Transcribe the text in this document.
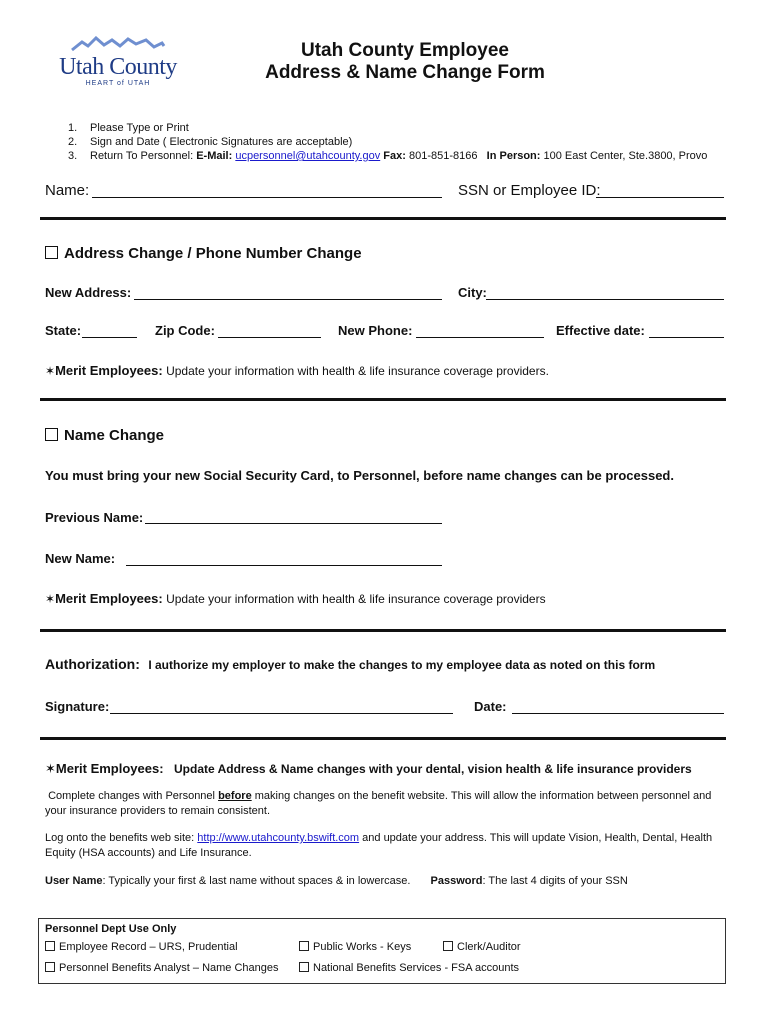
Utah County
HEART of UTAH
Utah County Employee
Address & Name Change Form
1. Please Type or Print
2. Sign and Date ( Electronic Signatures are acceptable)
3. Return To Personnel: E-Mail: ucpersonnel@utahcounty.gov Fax: 801-851-8166 In Person: 100 East Center, Ste.3800, Provo
Name:	SSN or Employee ID:
Address Change / Phone Number Change
New Address:	City:
State:	Zip Code:	New Phone:	Effective date:
✶Merit Employees: Update your information with health & life insurance coverage providers.
Name Change
You must bring your new Social Security Card, to Personnel, before name changes can be processed.
Previous Name:
New Name:
✶Merit Employees: Update your information with health & life insurance coverage providers
Authorization: I authorize my employer to make the changes to my employee data as noted on this form
Signature:	Date:
✶Merit Employees: Update Address & Name changes with your dental, vision health & life insurance providers
Complete changes with Personnel before making changes on the benefit website. This will allow the information between personnel and your insurance providers to remain consistent.
Log onto the benefits web site: http://www.utahcounty.bswift.com and update your address. This will update Vision, Health, Dental, Health Equity (HSA accounts) and Life Insurance.
User Name: Typically your first & last name without spaces & in lowercase. Password: The last 4 digits of your SSN
Personnel Dept Use Only
Employee Record – URS, Prudential	Public Works - Keys	Clerk/Auditor
Personnel Benefits Analyst – Name Changes	National Benefits Services - FSA accounts
